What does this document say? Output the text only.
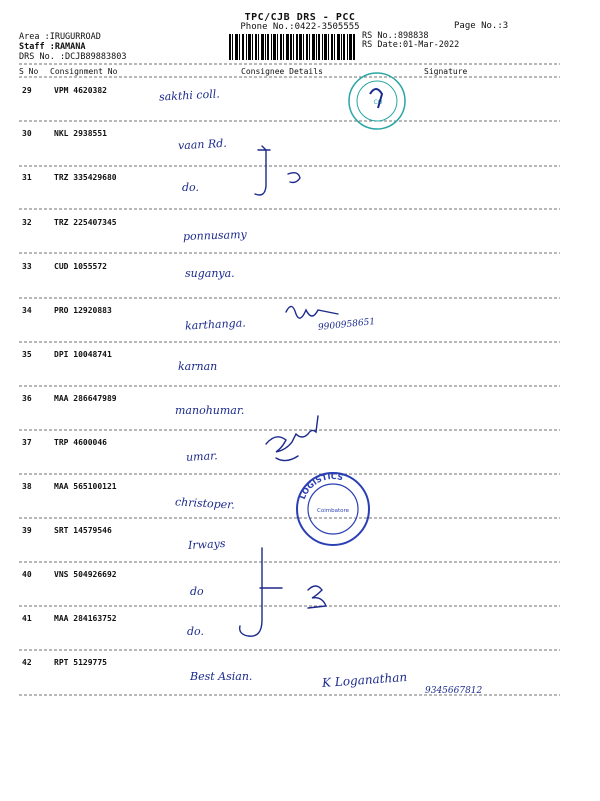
TPC/CJB DRS - PCC
Phone No.:0422-3505555	Page No.:3
Area :IRUGURROAD
Staff :RAMANA
DRS No. :DCJB89883803
RS No.:898838
RS Date:01-Mar-2022
S No Consignment No	Consignee Details	Signature
29	VPM 4620382	sakthi coll.
30	NKL 2938551
vaan Rd.
31	TRZ 335429680
do.
32	TRZ 225407345
ponnusamy
33	CUD 1055572
suganya.
34	PRO 12920883
karthanga.	9900958651
35	DPI 10048741
karnan
36	MAA 286647989
manohumar.
37	TRP 4600046
umar.
38	MAA 565100121
christoper.
39	SRT 14579546
Irways
40	VNS 504926692
do
41	MAA 284163752
do.
42	RPT 5129775
Best Asian.	K Loganathan
9345667812
CO
LOGISTICS
Coimbatore
